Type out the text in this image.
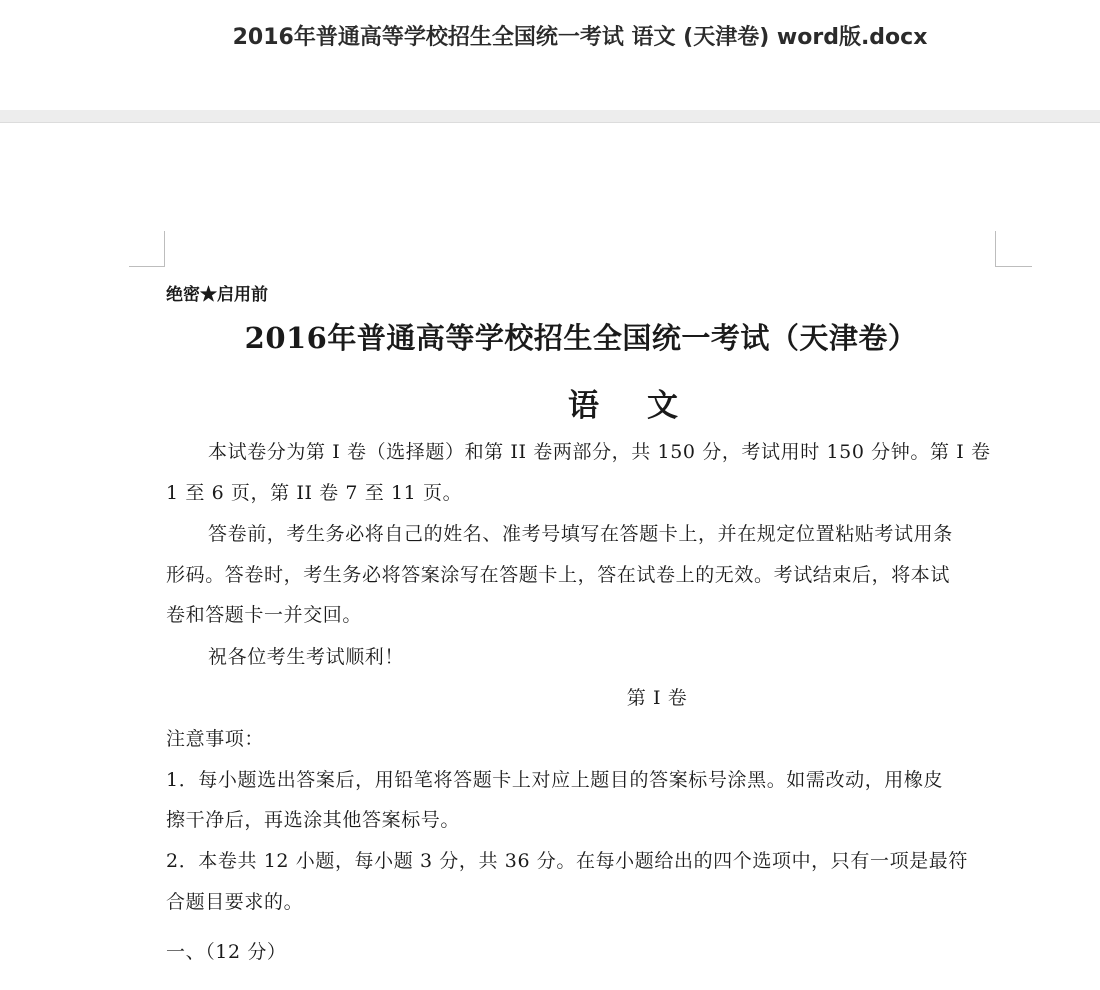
2016年普通高等学校招生全国统一考试 语文 (天津卷) word版.docx
绝密★启用前
2016年普通高等学校招生全国统一考试（天津卷）
语 文
本试卷分为第 I 卷（选择题）和第 II 卷两部分，共 150 分，考试用时 150 分钟。第 I 卷
1 至 6 页，第 II 卷 7 至 11 页。
答卷前，考生务必将自己的姓名、准考号填写在答题卡上，并在规定位置粘贴考试用条
形码。答卷时，考生务必将答案涂写在答题卡上，答在试卷上的无效。考试结束后，将本试
卷和答题卡一并交回。
祝各位考生考试顺利！
第 I 卷
注意事项：
1．每小题选出答案后，用铅笔将答题卡上对应上题目的答案标号涂黑。如需改动，用橡皮
擦干净后，再选涂其他答案标号。
2．本卷共 12 小题，每小题 3 分，共 36 分。在每小题给出的四个选项中，只有一项是最符
合题目要求的。
一、（12 分）
